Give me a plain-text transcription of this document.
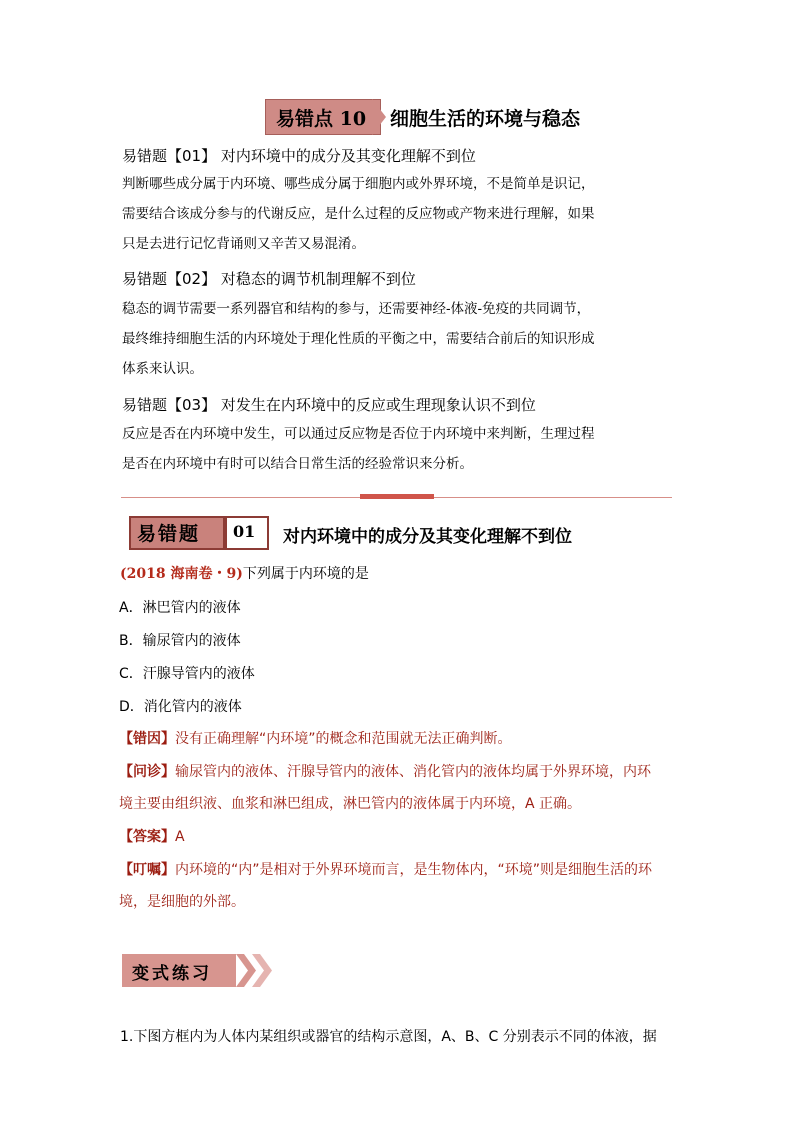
易错点 10 细胞生活的环境与稳态
易错题【01】 对内环境中的成分及其变化理解不到位
判断哪些成分属于内环境、哪些成分属于细胞内或外界环境，不是简单是识记，
需要结合该成分参与的代谢反应，是什么过程的反应物或产物来进行理解，如果
只是去进行记忆背诵则又辛苦又易混淆。
易错题【02】 对稳态的调节机制理解不到位
稳态的调节需要一系列器官和结构的参与，还需要神经-体液-免疫的共同调节，
最终维持细胞生活的内环境处于理化性质的平衡之中，需要结合前后的知识形成
体系来认识。
易错题【03】 对发生在内环境中的反应或生理现象认识不到位
反应是否在内环境中发生，可以通过反应物是否位于内环境中来判断，生理过程
是否在内环境中有时可以结合日常生活的经验常识来分析。
易错题 01 对内环境中的成分及其变化理解不到位
(2018 海南卷・9)下列属于内环境的是
A．淋巴管内的液体
B．输尿管内的液体
C．汗腺导管内的液体
D．消化管内的液体
【错因】没有正确理解“内环境”的概念和范围就无法正确判断。
【问诊】输尿管内的液体、汗腺导管内的液体、消化管内的液体均属于外界环境，内环
境主要由组织液、血浆和淋巴组成，淋巴管内的液体属于内环境，A 正确。
【答案】A
【叮嘱】内环境的“内”是相对于外界环境而言，是生物体内，“环境”则是细胞生活的环
境，是细胞的外部。
变式练习
1.下图方框内为人体内某组织或器官的结构示意图，A、B、C 分别表示不同的体液，据
